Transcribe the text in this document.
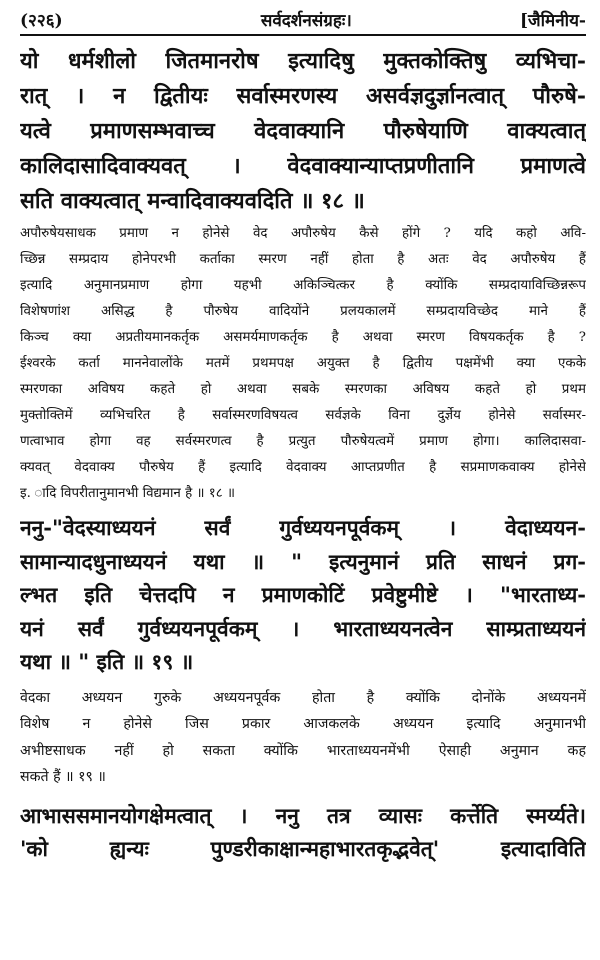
(२२६)	सर्वदर्शनसंग्रहः।	[जैमिनीय-
यो धर्मशीलो जितमानरोष इत्यादिषु मुक्तकोक्तिषु व्यभिचा-
रात् । न द्वितीयः सर्वास्मरणस्य असर्वज्ञदुर्ज्ञानत्वात् पौरुषे-
यत्वे प्रमाणसम्भवाच्च वेदवाक्यानि पौरुषेयाणि वाक्यत्वात्
कालिदासादिवाक्यवत् । वेदवाक्यान्याप्तप्रणीतानि प्रमाणत्वे
सति वाक्यत्वात् मन्वादिवाक्यवदिति ॥ १८ ॥
अपौरुषेयसाधक प्रमाण न होनेसे वेद अपौरुषेय कैसे होंगे ? यदि कहो अवि-
च्छिन्न सम्प्रदाय होनेपरभी कर्ताका स्मरण नहीं होता है अतः वेद अपौरुषेय हैं
इत्यादि अनुमानप्रमाण होगा यहभी अकिञ्चित्कर है क्योंकि सम्प्रदायाविच्छिन्नरूप
विशेषणांश असिद्ध है पौरुषेय वादियोंने प्रलयकालमें सम्प्रदायविच्छेद माने हैं
किञ्च क्या अप्रतीयमानकर्तृक असमर्यमाणकर्तृक है अथवा स्मरण विषयकर्तृक है ?
ईश्वरके कर्ता माननेवालोंके मतमें प्रथमपक्ष अयुक्त है द्वितीय पक्षमेंभी क्या एकके
स्मरणका अविषय कहते हो अथवा सबके स्मरणका अविषय कहते हो प्रथम
मुक्तोक्तिमें व्यभिचरित है सर्वास्मरणविषयत्व सर्वज्ञके विना दुर्ज्ञेय होनेसे सर्वास्मर-
णत्वाभाव होगा वह सर्वस्मरणत्व है प्रत्युत पौरुषेयत्वमें प्रमाण होगा। कालिदासवा-
क्यवत् वेदवाक्य पौरुषेय हैं इत्यादि वेदवाक्य आप्तप्रणीत है सप्रमाणकवाक्य होनेसे
इ. ादि विपरीतानुमानभी विद्यमान है ॥ १८ ॥
ननु-"वेदस्याध्ययनं सर्वं गुर्वध्ययनपूर्वकम् । वेदाध्ययन-
सामान्यादधुनाध्ययनं यथा ॥ " इत्यनुमानं प्रति साधनं प्रग-
ल्भत इति चेत्तदपि न प्रमाणकोटिं प्रवेष्टुमीष्टे । "भारताध्य-
यनं सर्वं गुर्वध्ययनपूर्वकम् । भारताध्ययनत्वेन साम्प्रताध्ययनं
यथा ॥ " इति ॥ १९ ॥
वेदका अध्ययन गुरुके अध्ययनपूर्वक होता है क्योंकि दोनोंके अध्ययनमें
विशेष न होनेसे जिस प्रकार आजकलके अध्ययन इत्यादि अनुमानभी
अभीष्टसाधक नहीं हो सकता क्योंकि भारताध्ययनमेंभी ऐसाही अनुमान कह
सकते हैं ॥ १९ ॥
आभाससमानयोगक्षेमत्वात् । ननु तत्र व्यासः कर्त्तेति स्मर्य्यते।
'को ह्यन्यः पुण्डरीकाक्षान्महाभारतकृद्भवेत्' इत्यादाविति
